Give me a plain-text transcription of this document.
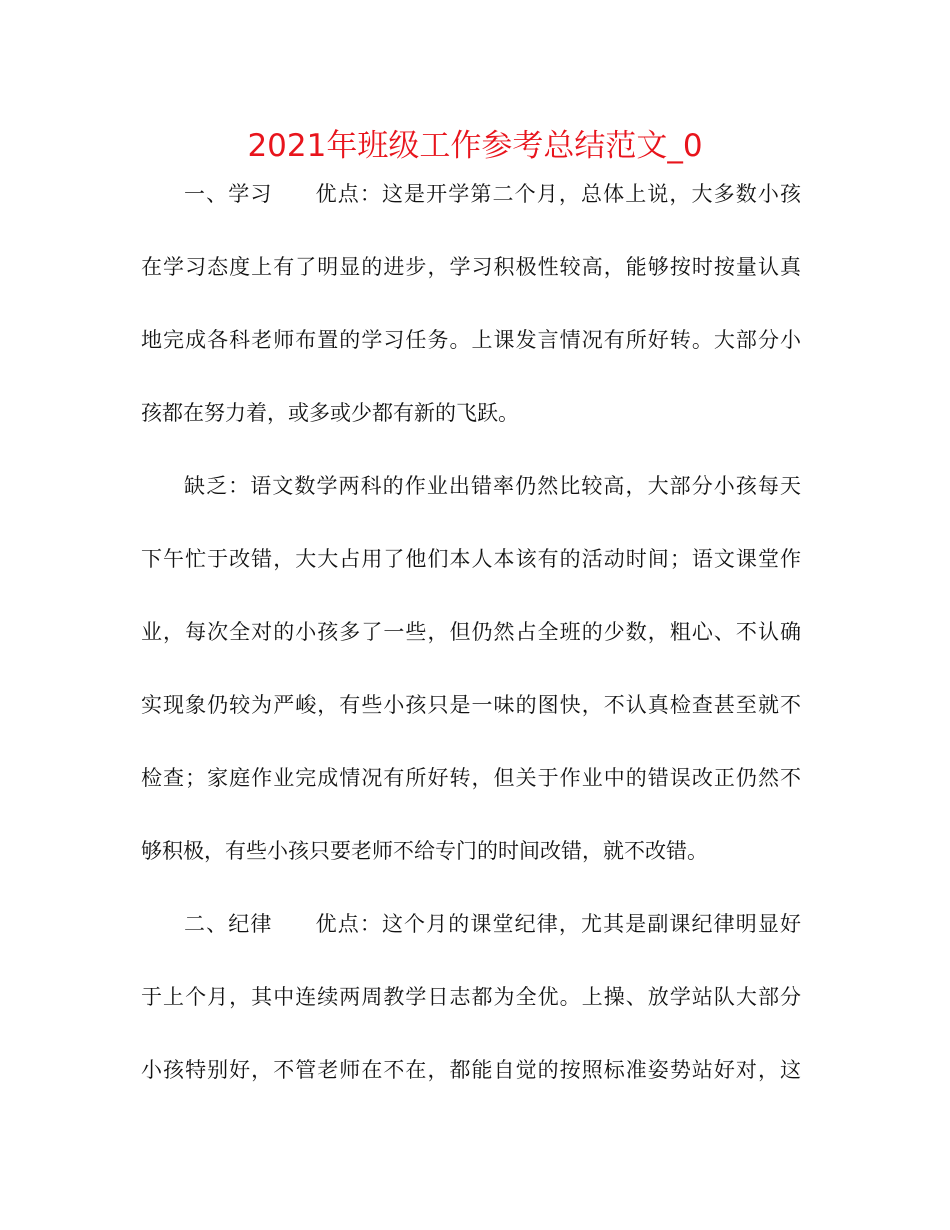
2021年班级工作参考总结范文_0
一、学习 优点：这是开学第二个月，总体上说，大多数小孩
在学习态度上有了明显的进步，学习积极性较高，能够按时按量认真
地完成各科老师布置的学习任务。上课发言情况有所好转。大部分小
孩都在努力着，或多或少都有新的飞跃。
缺乏：语文数学两科的作业出错率仍然比较高，大部分小孩每天
下午忙于改错，大大占用了他们本人本该有的活动时间；语文课堂作
业，每次全对的小孩多了一些，但仍然占全班的少数，粗心、不认确
实现象仍较为严峻，有些小孩只是一味的图快，不认真检查甚至就不
检查；家庭作业完成情况有所好转，但关于作业中的错误改正仍然不
够积极，有些小孩只要老师不给专门的时间改错，就不改错。
二、纪律 优点：这个月的课堂纪律，尤其是副课纪律明显好
于上个月，其中连续两周教学日志都为全优。上操、放学站队大部分
小孩特别好，不管老师在不在，都能自觉的按照标准姿势站好对，这
